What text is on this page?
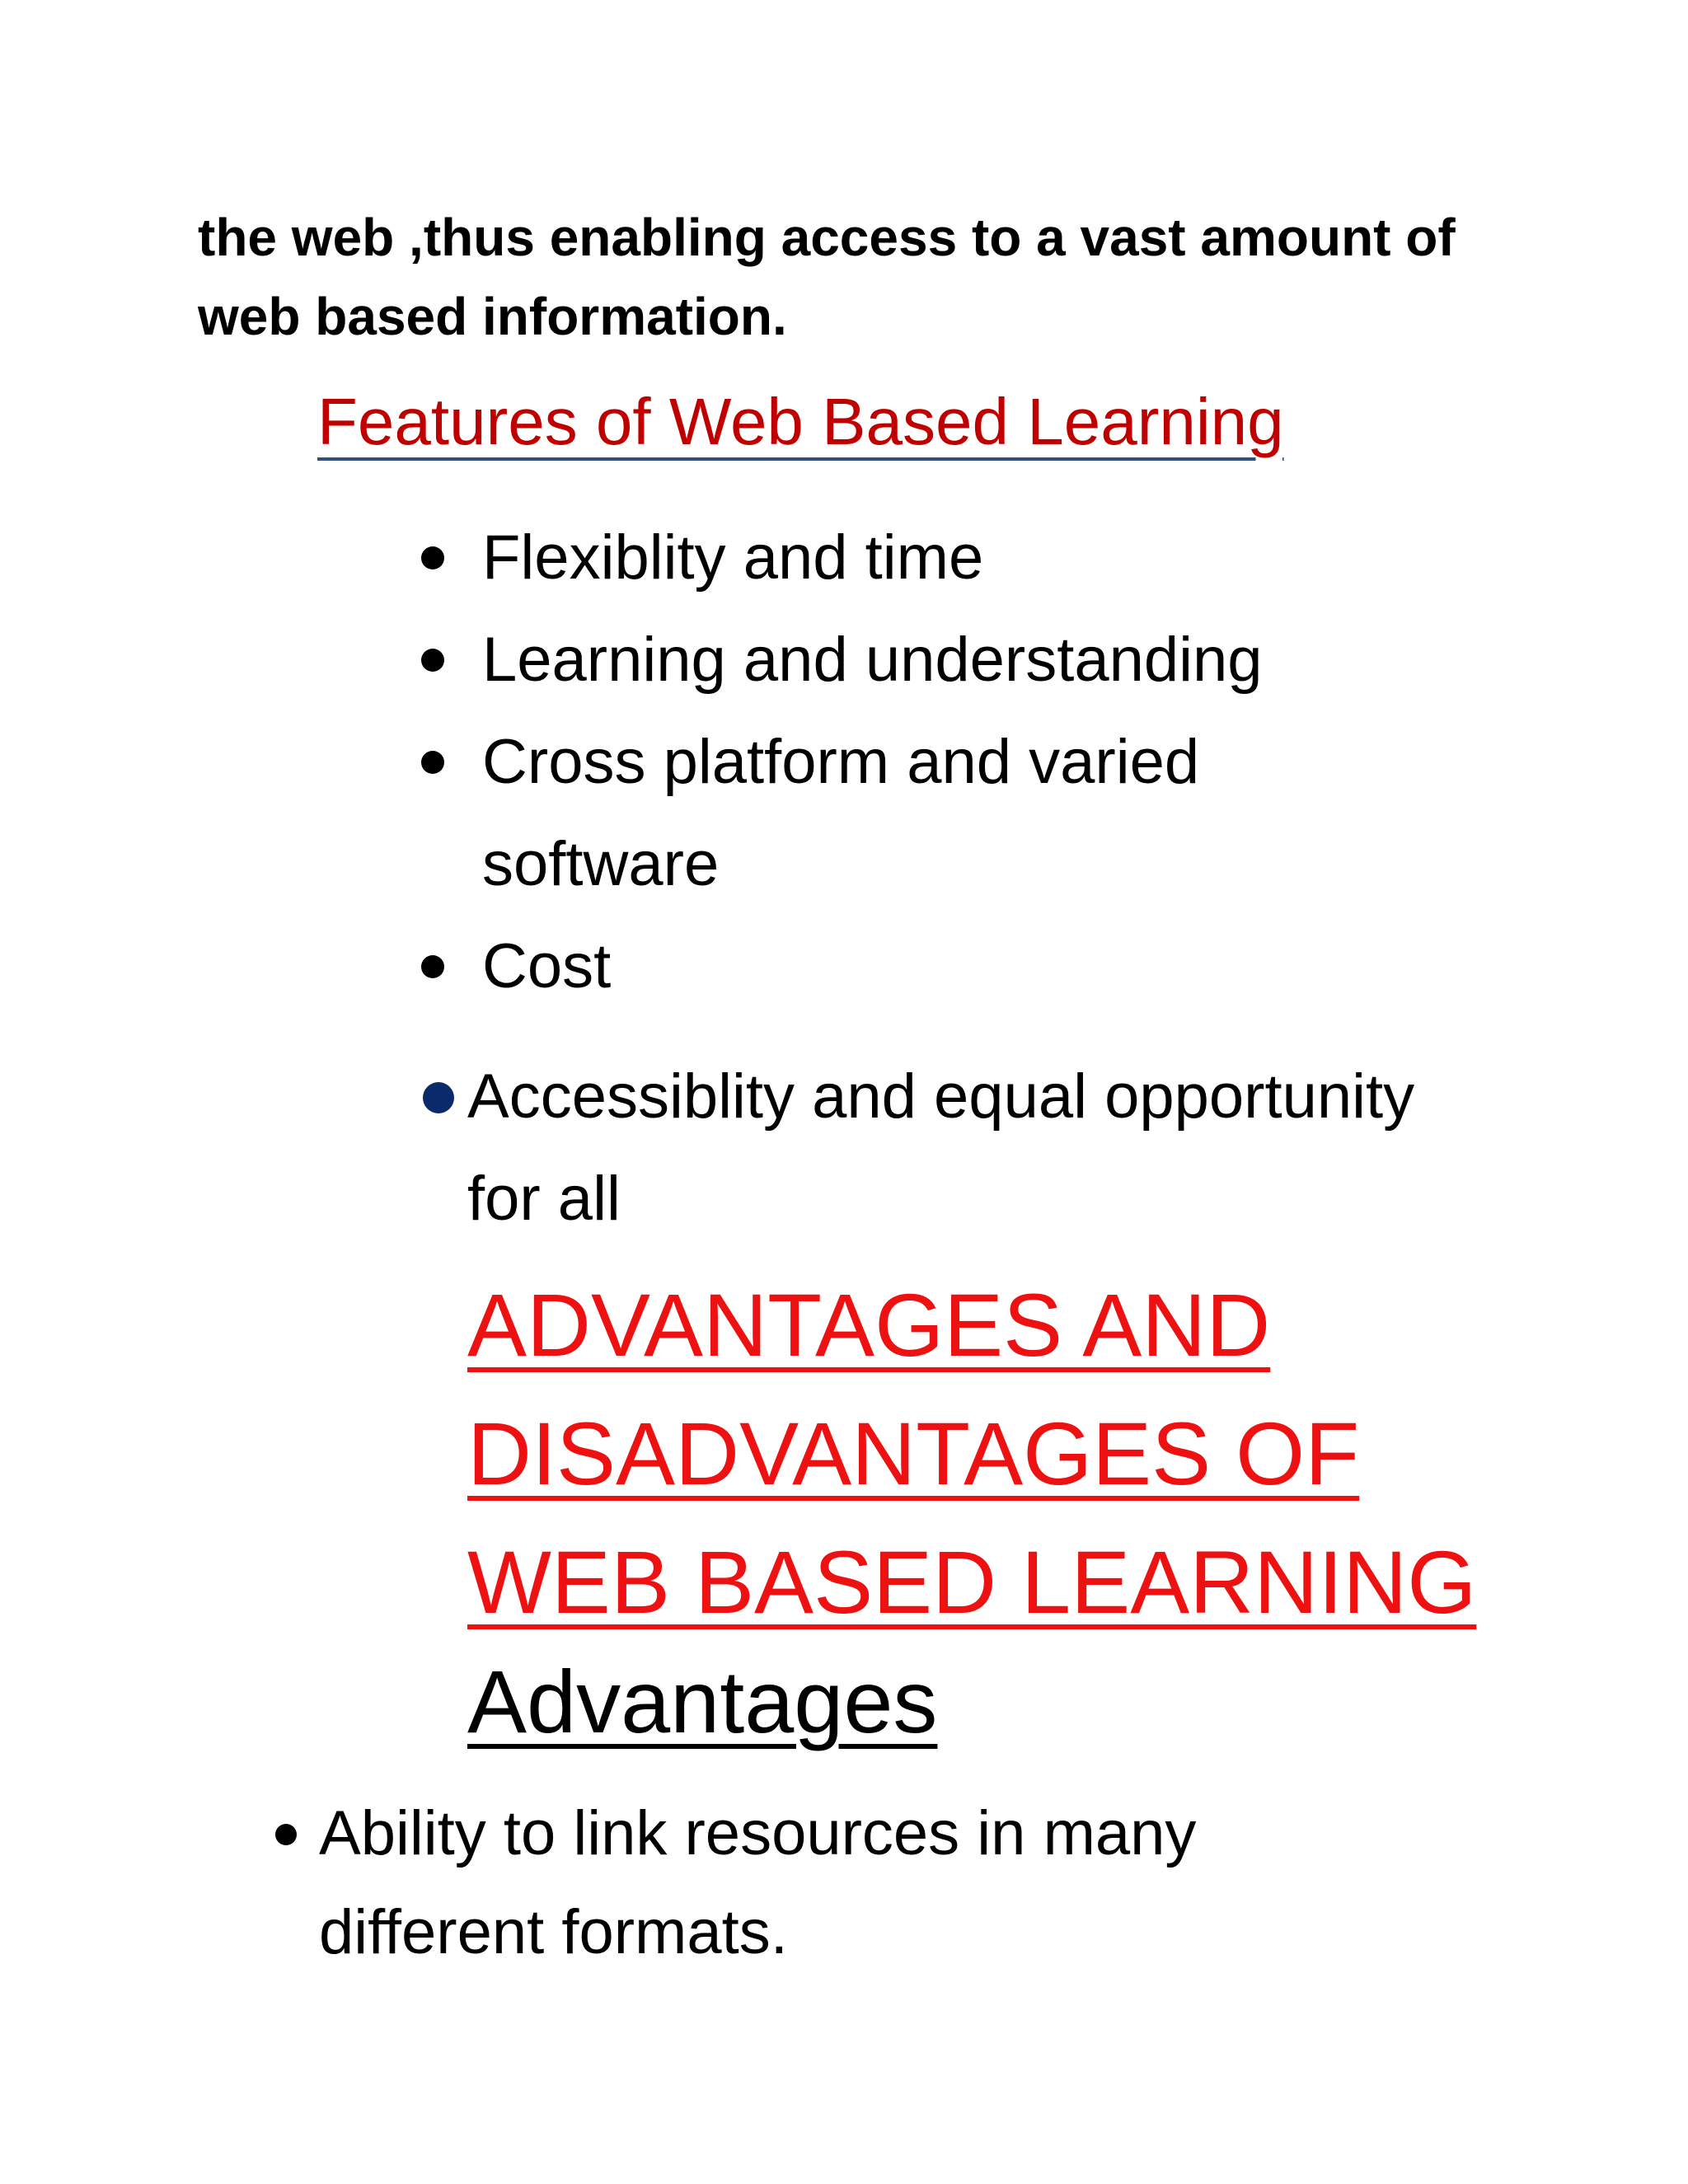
the web ,thus enabling access to a vast amount of web based information.

Features of Web Based Learning
Flexiblity and time
Learning and understanding
Cross platform and varied software
Cost
Accessiblity and equal opportunity for all
ADVANTAGES AND
DISADVANTAGES OF
WEB BASED LEARNING
Advantages
Ability to link resources in many different formats.
